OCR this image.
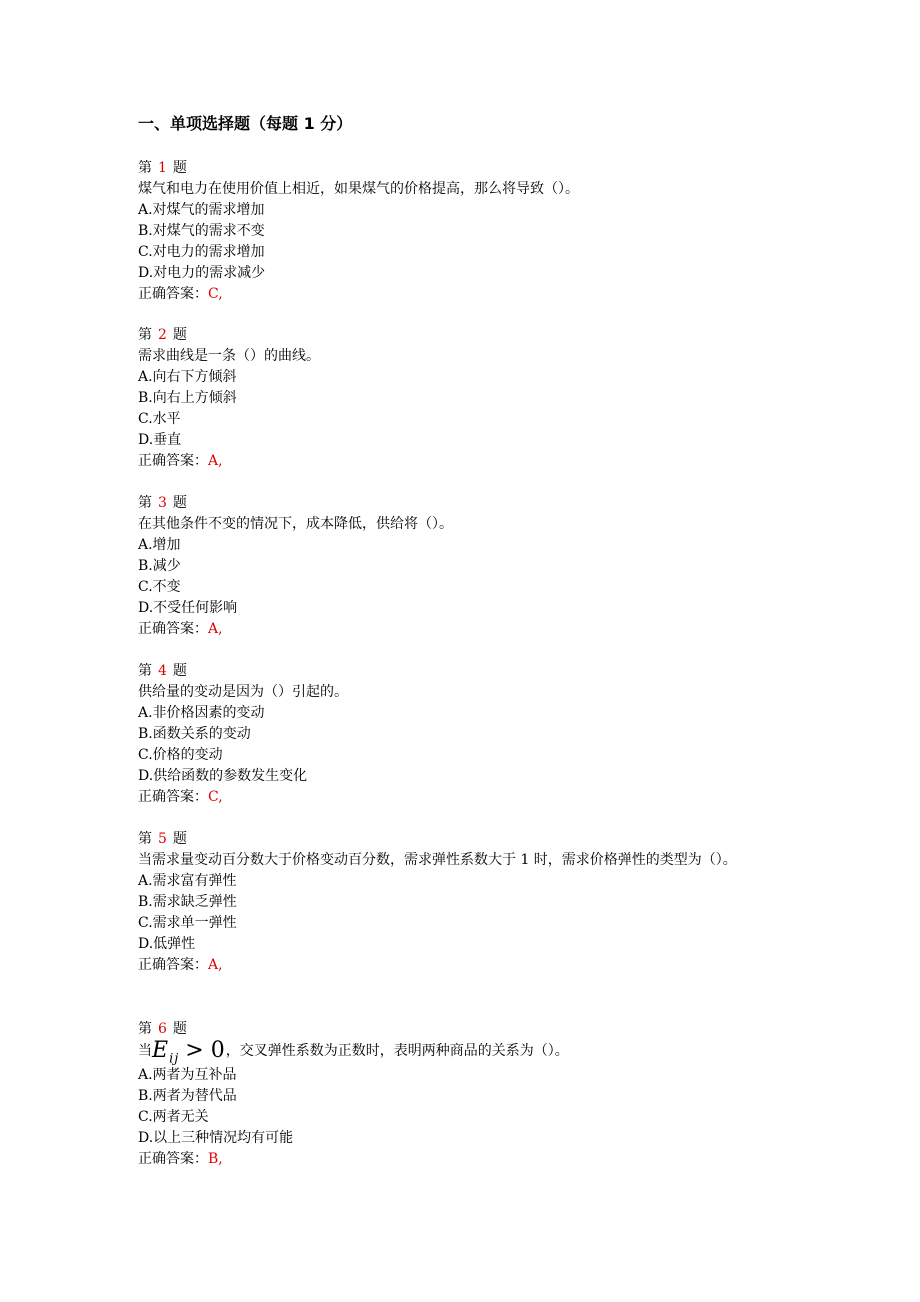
一、单项选择题（每题 1 分）
第 1 题
煤气和电力在使用价值上相近，如果煤气的价格提高，那么将导致（）。
A.对煤气的需求增加
B.对煤气的需求不变
C.对电力的需求增加
D.对电力的需求减少
正确答案：C,
第 2 题
需求曲线是一条（）的曲线。
A.向右下方倾斜
B.向右上方倾斜
C.水平
D.垂直
正确答案：A,
第 3 题
在其他条件不变的情况下，成本降低，供给将（）。
A.增加
B.减少
C.不变
D.不受任何影响
正确答案：A,
第 4 题
供给量的变动是因为（）引起的。
A.非价格因素的变动
B.函数关系的变动
C.价格的变动
D.供给函数的参数发生变化
正确答案：C,
第 5 题
当需求量变动百分数大于价格变动百分数，需求弹性系数大于 1 时，需求价格弹性的类型为（）。
A.需求富有弹性
B.需求缺乏弹性
C.需求单一弹性
D.低弹性
正确答案：A,
第 6 题
当$E_{ij} > 0$，交叉弹性系数为正数时，表明两种商品的关系为（）。
A.两者为互补品
B.两者为替代品
C.两者无关
D.以上三种情况均有可能
正确答案：B,
